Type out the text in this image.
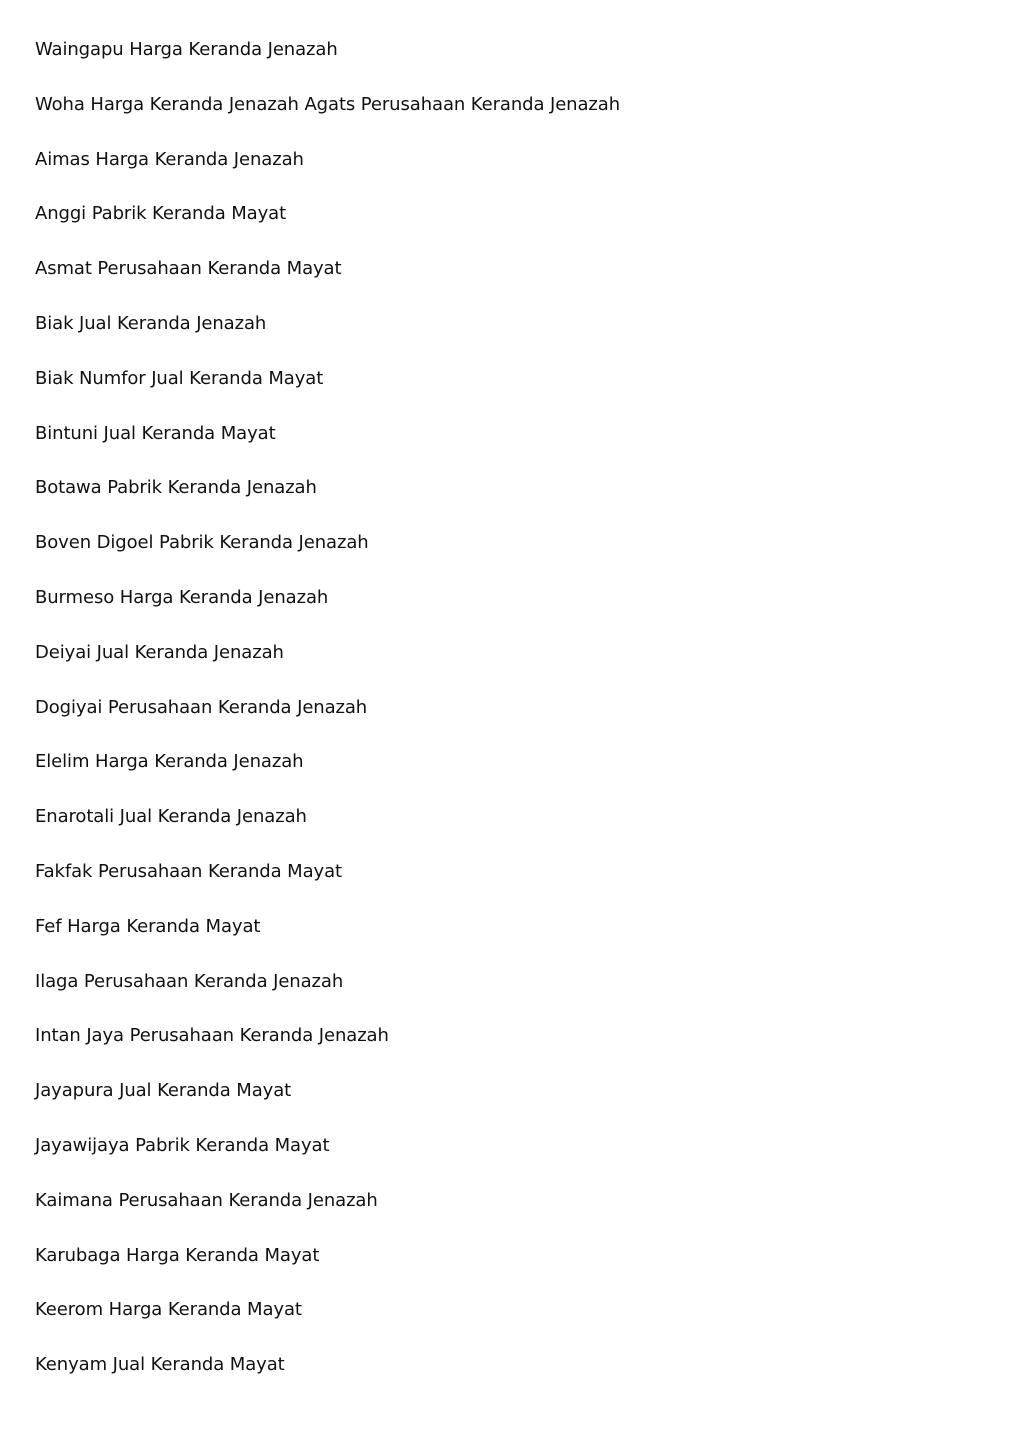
Waingapu Harga Keranda Jenazah
Woha Harga Keranda Jenazah Agats Perusahaan Keranda Jenazah
Aimas Harga Keranda Jenazah
Anggi Pabrik Keranda Mayat
Asmat Perusahaan Keranda Mayat
Biak Jual Keranda Jenazah
Biak Numfor Jual Keranda Mayat
Bintuni Jual Keranda Mayat
Botawa Pabrik Keranda Jenazah
Boven Digoel Pabrik Keranda Jenazah
Burmeso Harga Keranda Jenazah
Deiyai Jual Keranda Jenazah
Dogiyai Perusahaan Keranda Jenazah
Elelim Harga Keranda Jenazah
Enarotali Jual Keranda Jenazah
Fakfak Perusahaan Keranda Mayat
Fef Harga Keranda Mayat
Ilaga Perusahaan Keranda Jenazah
Intan Jaya Perusahaan Keranda Jenazah
Jayapura Jual Keranda Mayat
Jayawijaya Pabrik Keranda Mayat
Kaimana Perusahaan Keranda Jenazah
Karubaga Harga Keranda Mayat
Keerom Harga Keranda Mayat
Kenyam Jual Keranda Mayat
